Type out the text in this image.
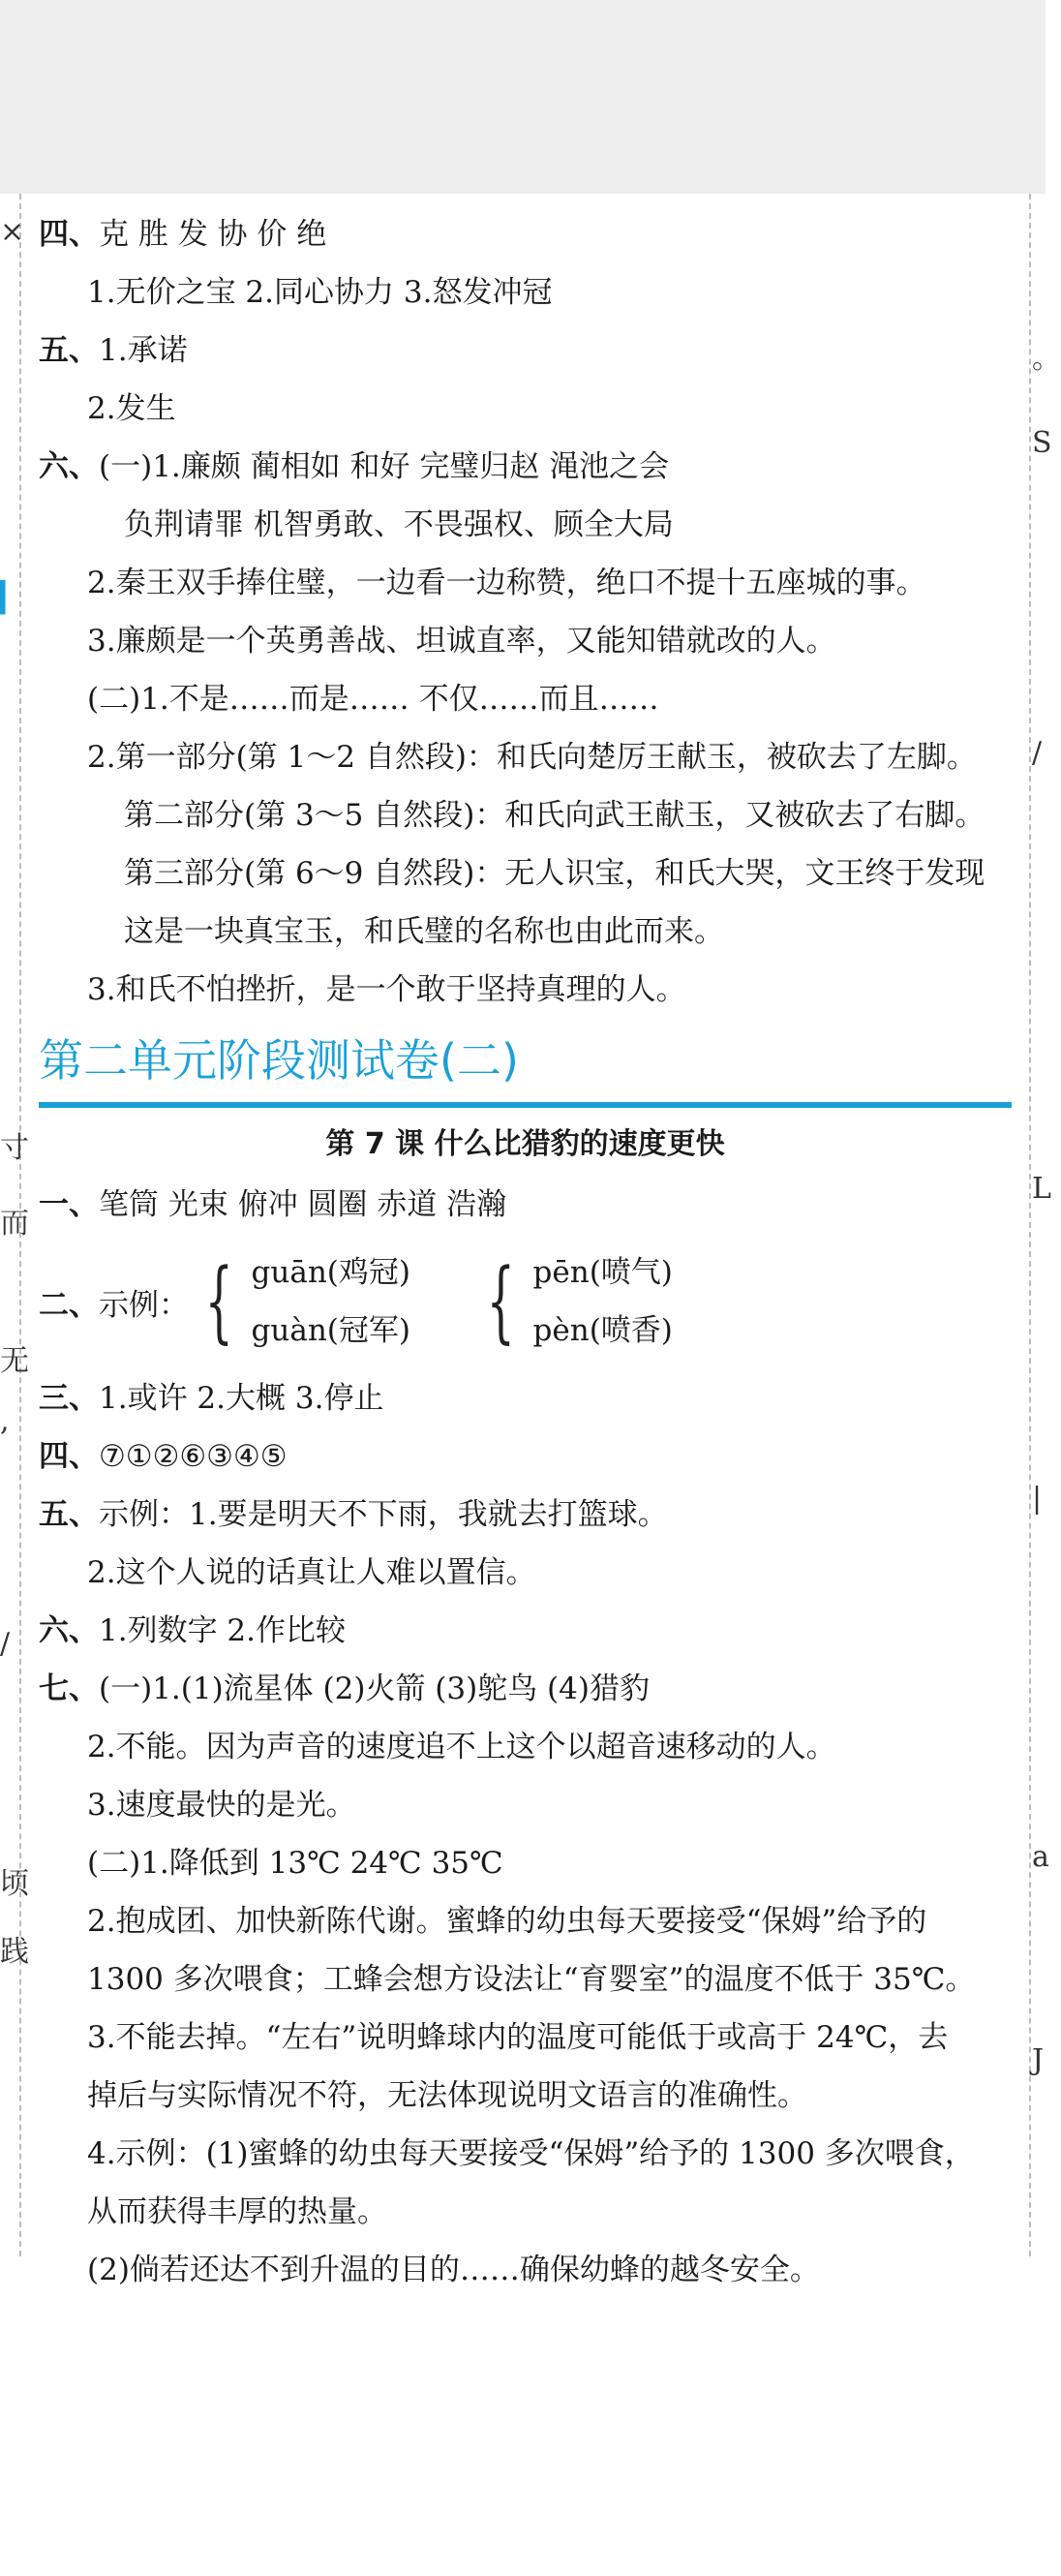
×
寸
而
无
,
/
顷
践
▎
。
S
/
L
|
a
J
四、克 胜 发 协 价 绝
1.无价之宝 2.同心协力 3.怒发冲冠
五、1.承诺
2.发生
六、(一)1.廉颇 蔺相如 和好 完璧归赵 渑池之会
负荆请罪 机智勇敢、不畏强权、顾全大局
2.秦王双手捧住璧，一边看一边称赞，绝口不提十五座城的事。
3.廉颇是一个英勇善战、坦诚直率，又能知错就改的人。
(二)1.不是……而是…… 不仅……而且……
2.第一部分(第 1～2 自然段)：和氏向楚厉王献玉，被砍去了左脚。
第二部分(第 3～5 自然段)：和氏向武王献玉，又被砍去了右脚。
第三部分(第 6～9 自然段)：无人识宝，和氏大哭，文王终于发现
这是一块真宝玉，和氏璧的名称也由此而来。
3.和氏不怕挫折，是一个敢于坚持真理的人。
第二单元阶段测试卷(二)
第 7 课 什么比猎豹的速度更快
一、笔筒 光束 俯冲 圆圈 赤道 浩瀚
二、 示例： { guān(鸡冠)
guàn(冠军) { pēn(喷气)
pèn(喷香)
三、1.或许 2.大概 3.停止
四、⑦①②⑥③④⑤
五、示例：1.要是明天不下雨，我就去打篮球。
2.这个人说的话真让人难以置信。
六、1.列数字 2.作比较
七、(一)1.(1)流星体 (2)火箭 (3)鸵鸟 (4)猎豹
2.不能。因为声音的速度追不上这个以超音速移动的人。
3.速度最快的是光。
(二)1.降低到 13℃ 24℃ 35℃
2.抱成团、加快新陈代谢。蜜蜂的幼虫每天要接受“保姆”给予的
1300 多次喂食；工蜂会想方设法让“育婴室”的温度不低于 35℃。
3.不能去掉。“左右”说明蜂球内的温度可能低于或高于 24℃，去
掉后与实际情况不符，无法体现说明文语言的准确性。
4.示例：(1)蜜蜂的幼虫每天要接受“保姆”给予的 1300 多次喂食，
从而获得丰厚的热量。
(2)倘若还达不到升温的目的……确保幼蜂的越冬安全。
